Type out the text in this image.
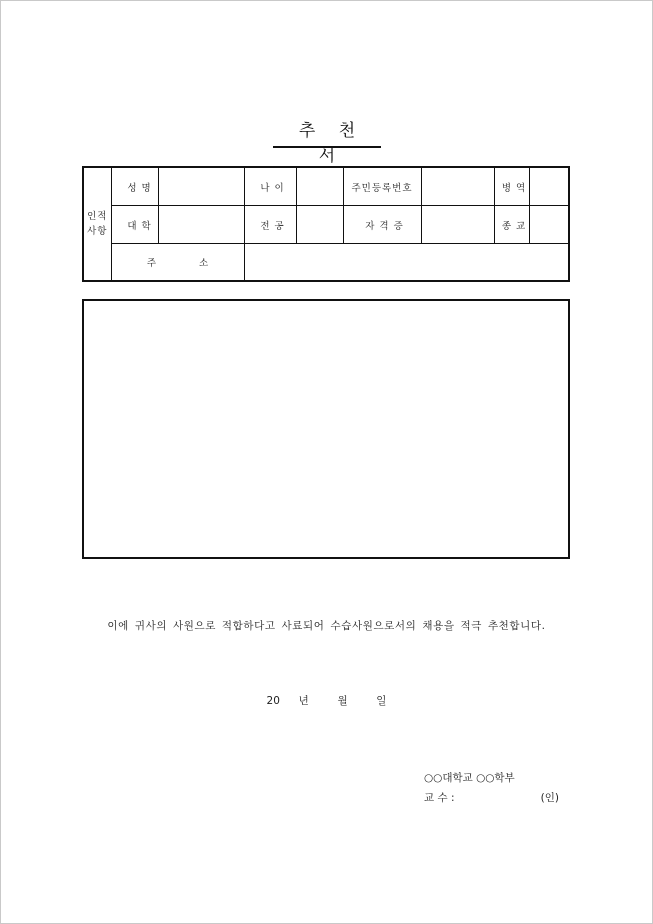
추 천 서
인적
사항	성 명		나 이		주민등록번호		병 역	
	대 학		전 공		자 격 증		종 교	
	주 소							
이에 귀사의 사원으로 적합하다고 사료되어 수습사원으로서의 채용을 적극 추천합니다.
20 년	월	일
○○대학교 ○○학부
교 수 :	(인)
